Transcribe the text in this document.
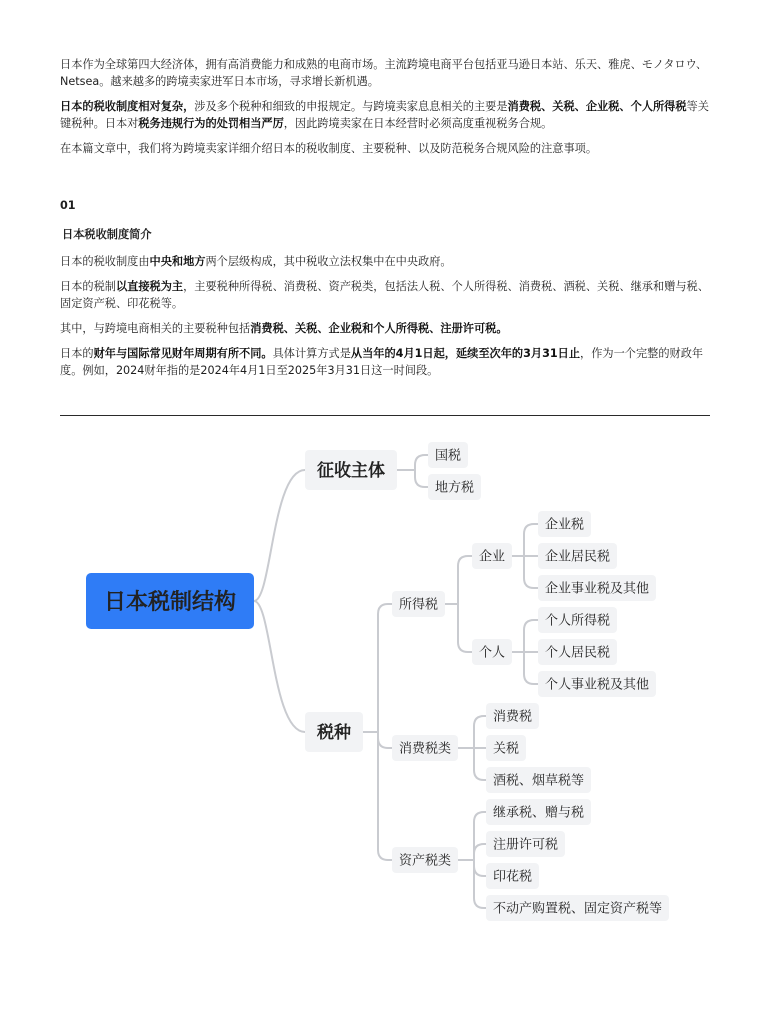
日本作为全球第四大经济体，拥有高消费能力和成熟的电商市场。主流跨境电商平台包括亚马逊日本站、乐天、雅虎、モノタロウ、Netsea。越来越多的跨境卖家进军日本市场，寻求增长新机遇。

日本的税收制度相对复杂，涉及多个税种和细致的申报规定。与跨境卖家息息相关的主要是消费税、关税、企业税、个人所得税等关键税种。日本对税务违规行为的处罚相当严厉，因此跨境卖家在日本经营时必须高度重视税务合规。

在本篇文章中，我们将为跨境卖家详细介绍日本的税收制度、主要税种、以及防范税务合规风险的注意事项。

01

日本税收制度简介

日本的税收制度由中央和地方两个层级构成，其中税收立法权集中在中央政府。

日本的税制以直接税为主，主要税种所得税、消费税、资产税类，包括法人税、个人所得税、消费税、酒税、关税、继承和赠与税、固定资产税、印花税等。

其中，与跨境电商相关的主要税种包括消费税、关税、企业税和个人所得税、注册许可税。

日本的财年与国际常见财年周期有所不同。具体计算方式是从当年的4月1日起，延续至次年的3月31日止，作为一个完整的财政年度。例如，2024财年指的是2024年4月1日至2025年3月31日这一时间段。

日本税制结构
征收主体
税种
国税
地方税
所得税
消费税类
资产税类
企业
个人
企业税
企业居民税
企业事业税及其他
个人所得税
个人居民税
个人事业税及其他
消费税
关税
酒税、烟草税等
继承税、赠与税
注册许可税
印花税
不动产购置税、固定资产税等
